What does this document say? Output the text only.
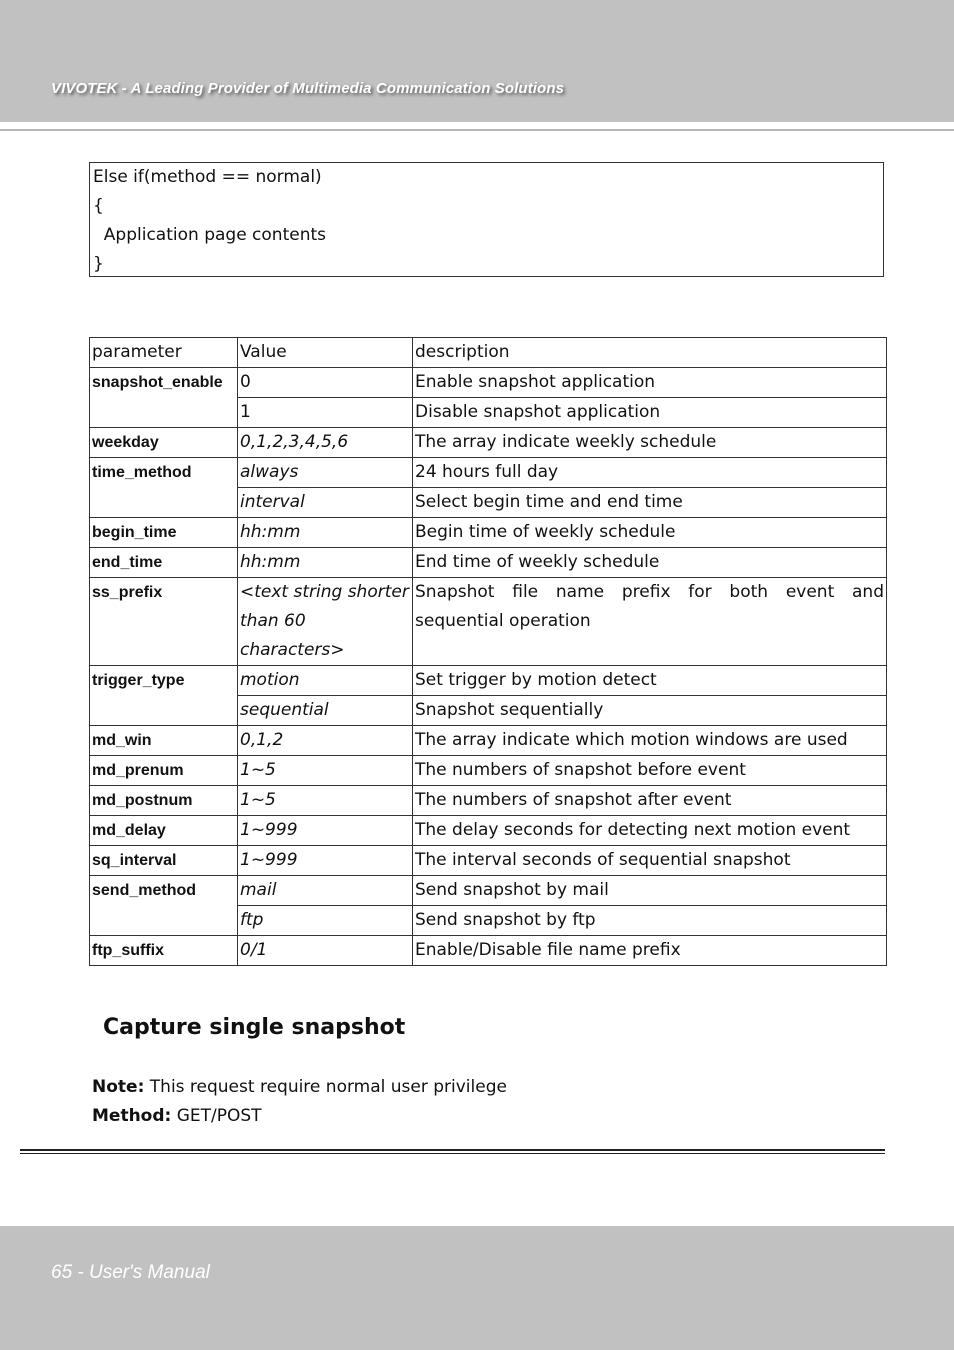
VIVOTEK - A Leading Provider of Multimedia Communication Solutions
Else if(method == normal)
{
Application page contents
}
parameter	Value	description
snapshot_enable	0	Enable snapshot application
	1	Disable snapshot application
weekday	0,1,2,3,4,5,6	The array indicate weekly schedule
time_method	always	24 hours full day
	interval	Select begin time and end time
begin_time	hh:mm	Begin time of weekly schedule
end_time	hh:mm	End time of weekly schedule
ss_prefix	<text string shorter than 60 characters>	Snapshot file name prefix for both event and sequential operation
trigger_type	motion	Set trigger by motion detect
	sequential	Snapshot sequentially
md_win	0,1,2	The array indicate which motion windows are used
md_prenum	1~5	The numbers of snapshot before event
md_postnum	1~5	The numbers of snapshot after event
md_delay	1~999	The delay seconds for detecting next motion event
sq_interval	1~999	The interval seconds of sequential snapshot
send_method	mail	Send snapshot by mail
	ftp	Send snapshot by ftp
ftp_suffix	0/1	Enable/Disable file name prefix
Capture single snapshot
Note: This request require normal user privilege
Method: GET/POST
65 - User's Manual
